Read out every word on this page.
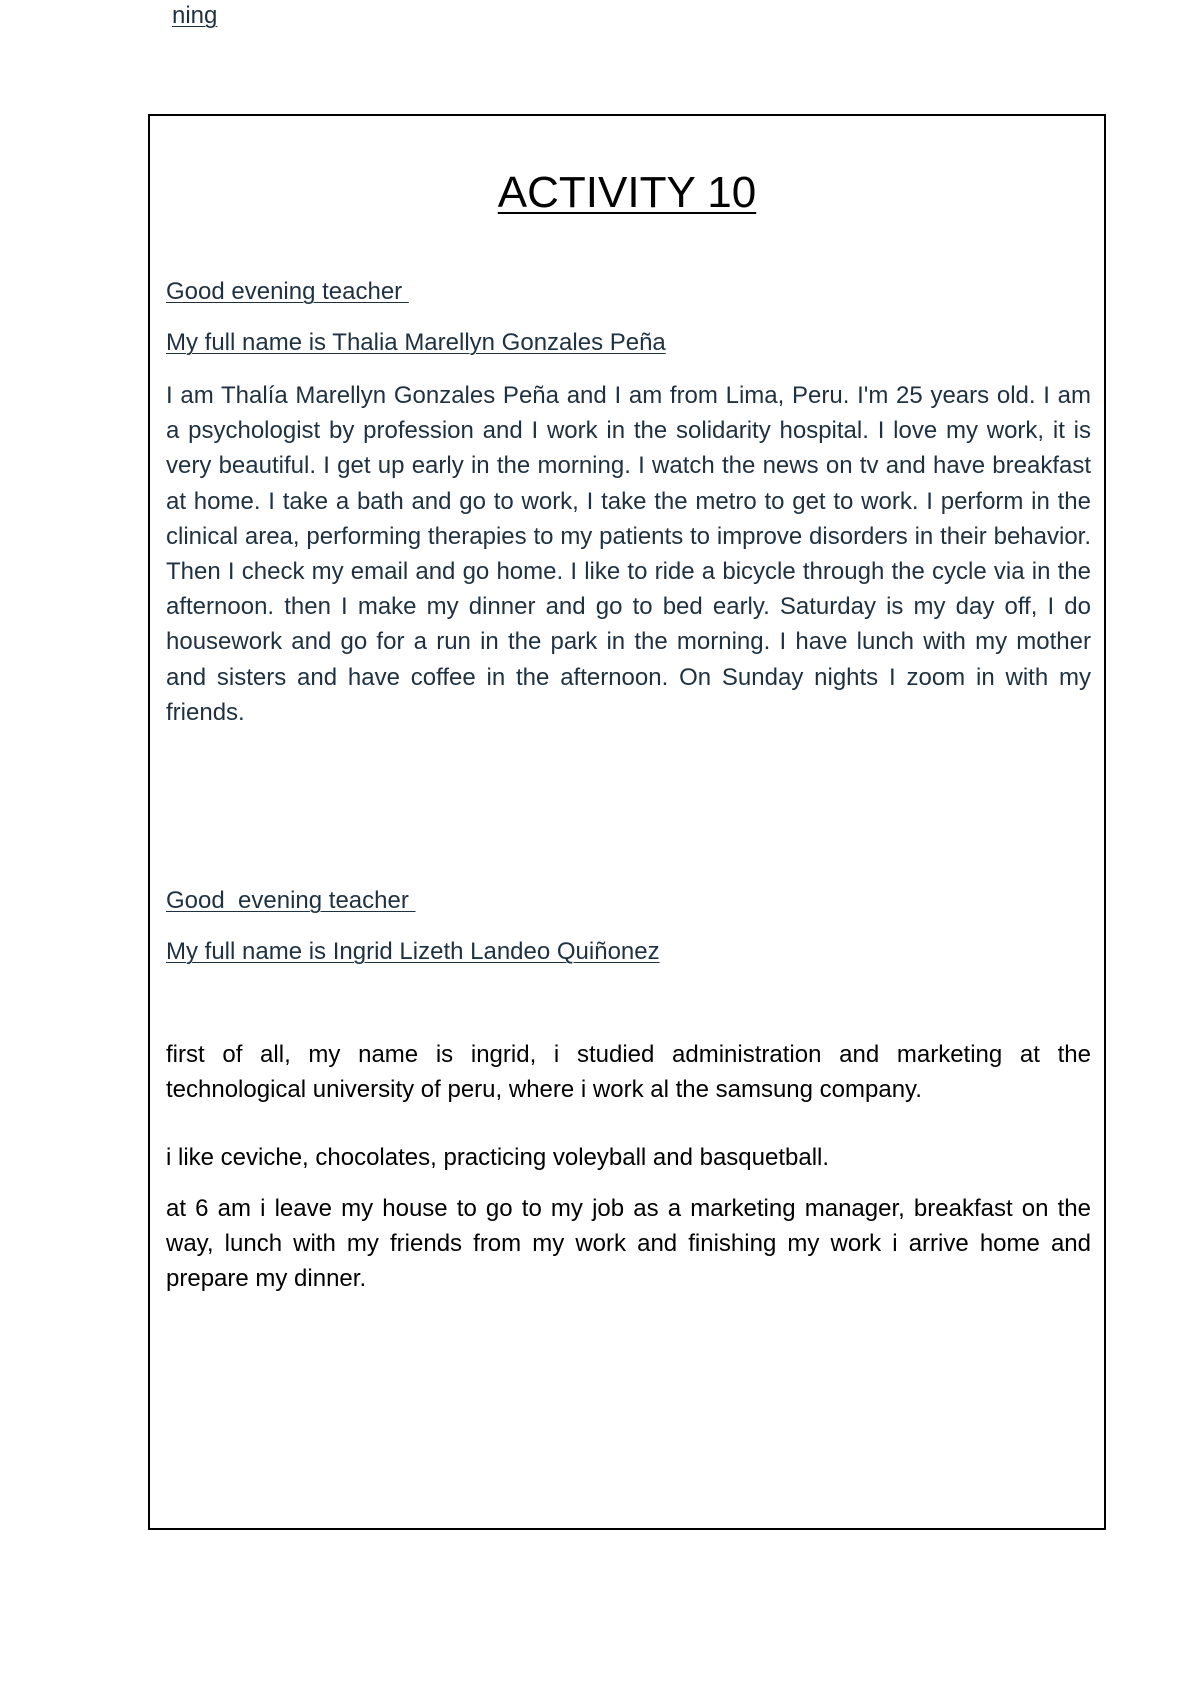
ning
ACTIVITY 10
Good evening teacher
My full name is Thalia Marellyn Gonzales Peña

I am Thalía Marellyn Gonzales Peña and I am from Lima, Peru. I'm 25 years old. I am a psychologist by profession and I work in the solidarity hospital. I love my work, it is very beautiful. I get up early in the morning. I watch the news on tv and have breakfast at home. I take a bath and go to work, I take the metro to get to work. I perform in the clinical area, performing therapies to my patients to improve disorders in their behavior. Then I check my email and go home. I like to ride a bicycle through the cycle via in the afternoon. then I make my dinner and go to bed early. Saturday is my day off, I do housework and go for a run in the park in the morning. I have lunch with my mother and sisters and have coffee in the afternoon. On Sunday nights I zoom in with my friends.

Good  evening teacher
My full name is Ingrid Lizeth Landeo Quiñonez

first of all, my name is ingrid, i studied administration and marketing at the technological university of peru, where i work al the samsung company.

i like ceviche, chocolates, practicing voleyball and basquetball.

at 6 am i leave my house to go to my job as a marketing manager, breakfast on the way, lunch with my friends from my work and finishing my work i arrive home and prepare my dinner.
